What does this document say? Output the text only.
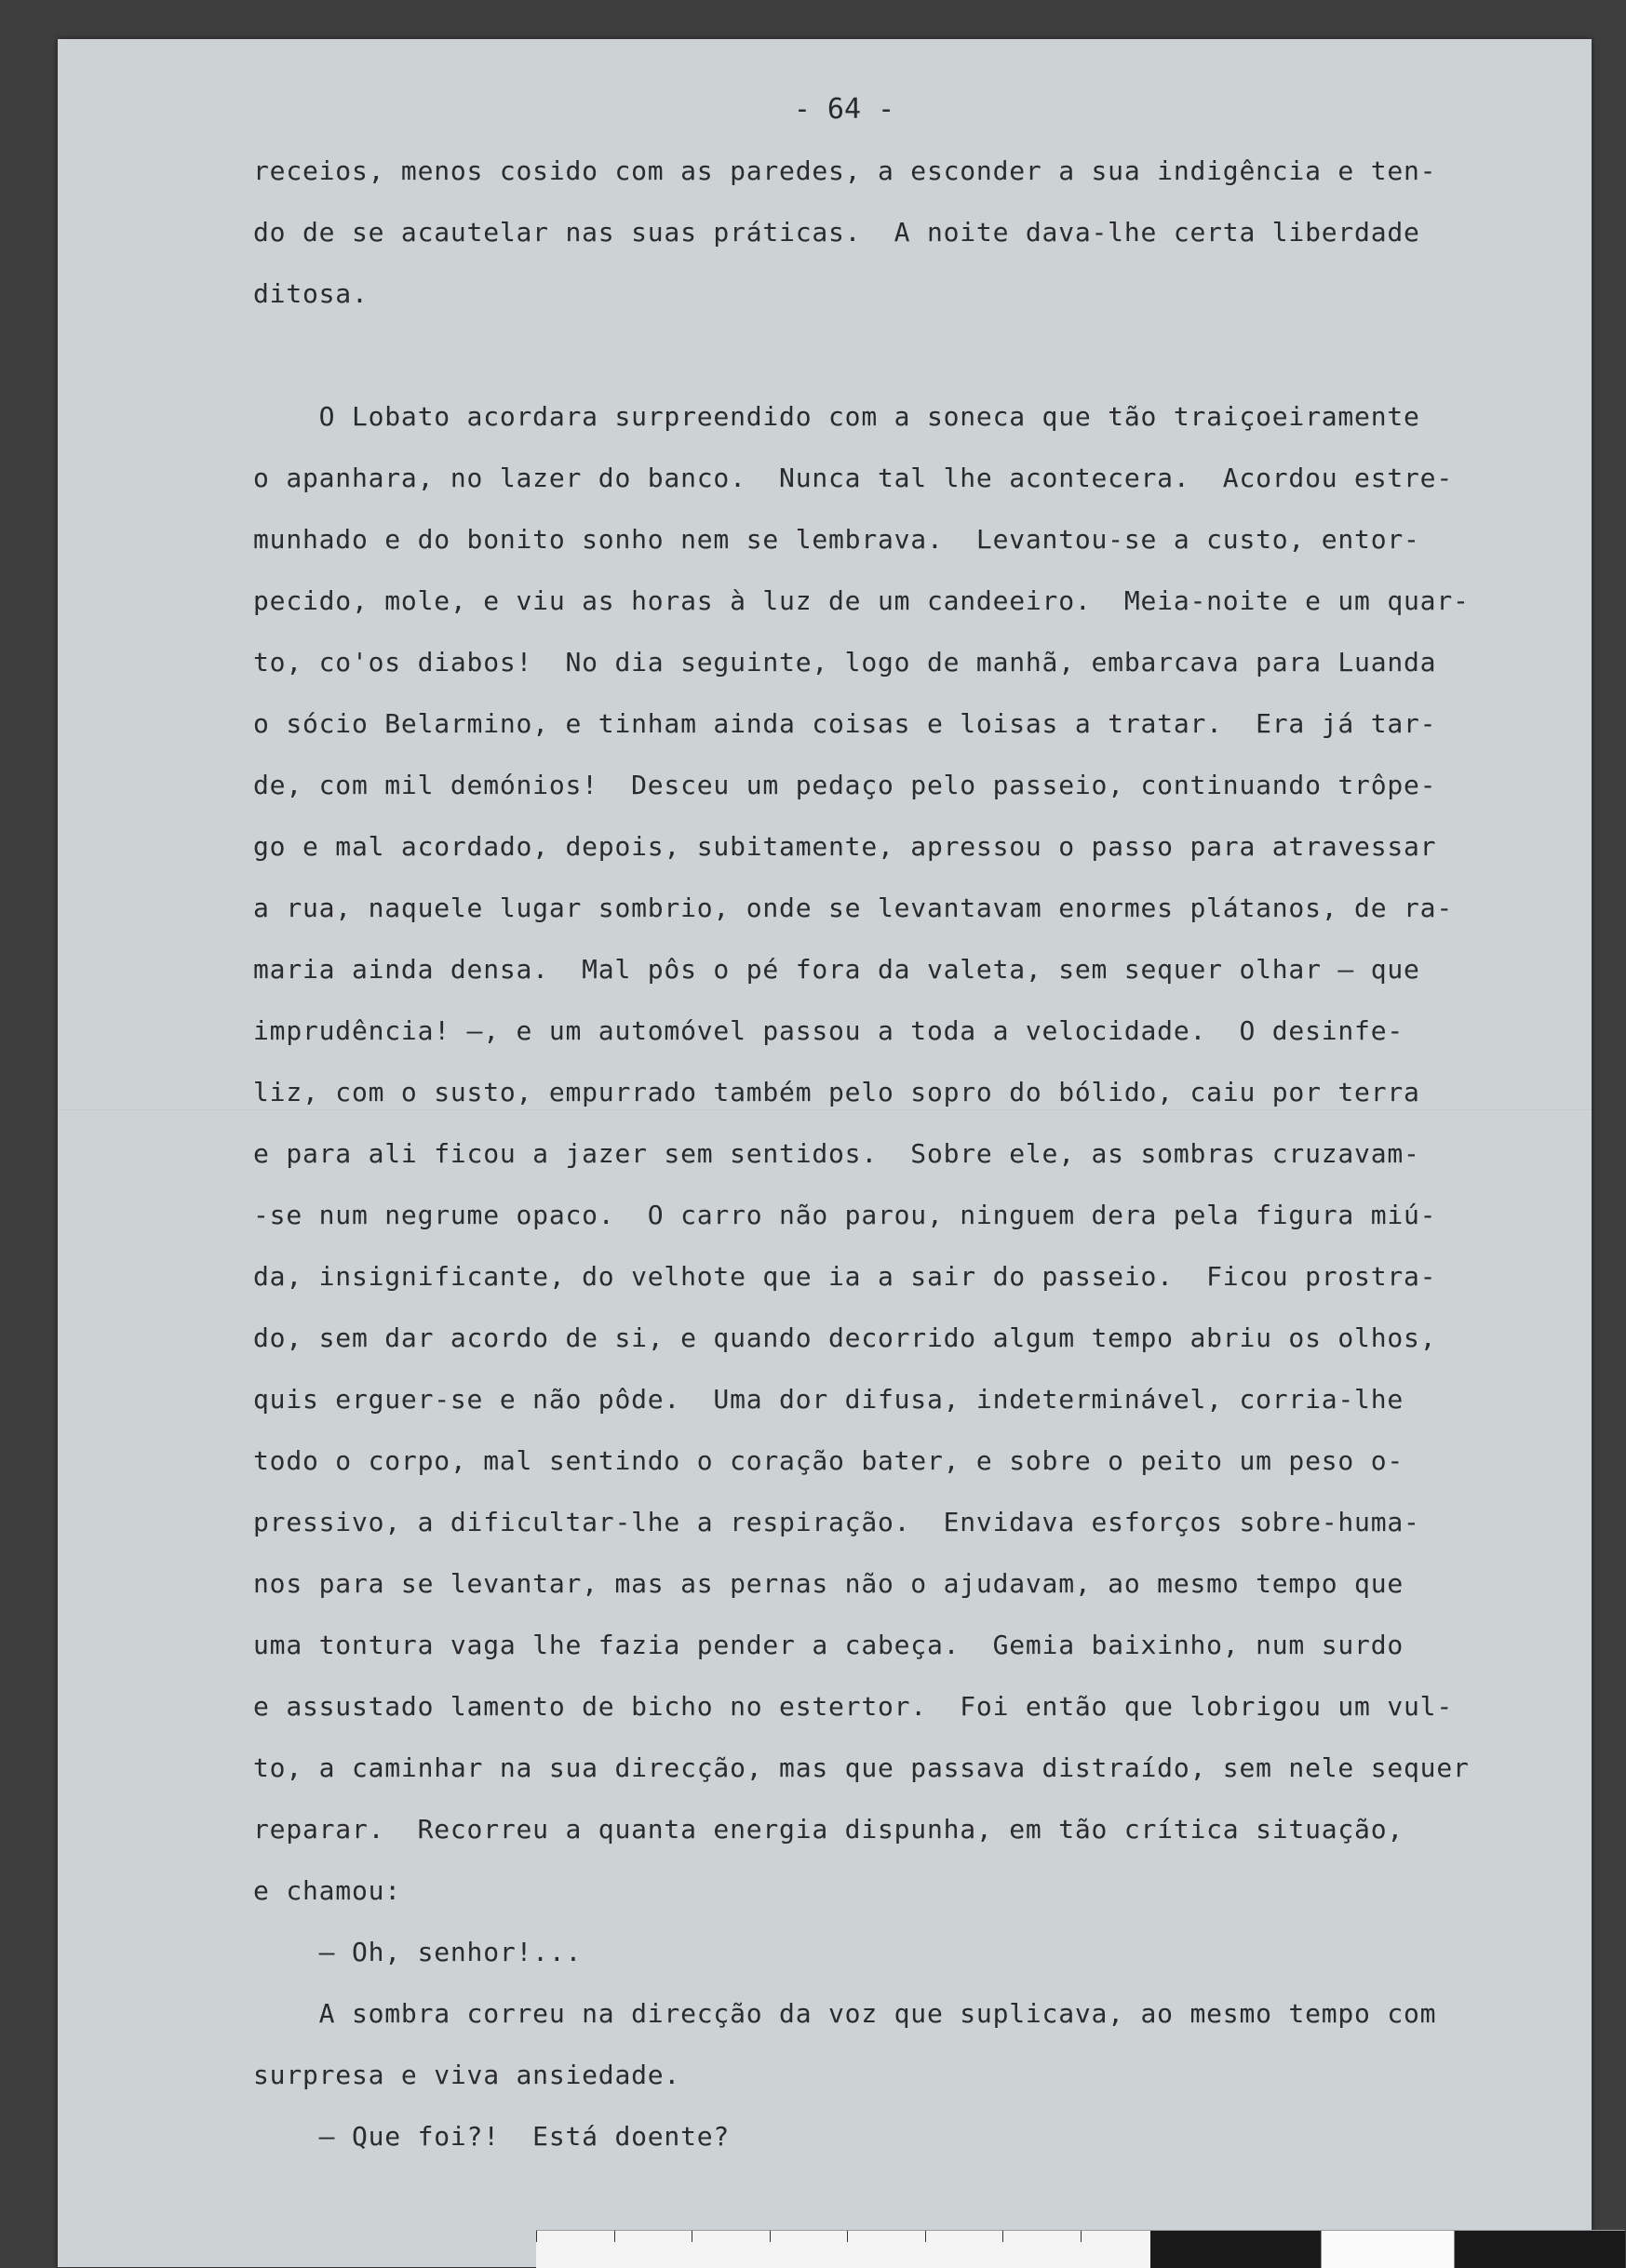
- 64 -
receios, menos cosido com as paredes, a esconder a sua indigência e ten-
do de se acautelar nas suas práticas.  A noite dava-lhe certa liberdade
ditosa.
O Lobato acordara surpreendido com a soneca que tão traiçoeiramente
o apanhara, no lazer do banco.  Nunca tal lhe acontecera.  Acordou estre-
munhado e do bonito sonho nem se lembrava.  Levantou-se a custo, entor-
pecido, mole, e viu as horas à luz de um candeeiro.  Meia-noite e um quar-
to, co'os diabos!  No dia seguinte, logo de manhã, embarcava para Luanda
o sócio Belarmino, e tinham ainda coisas e loisas a tratar.  Era já tar-
de, com mil demónios!  Desceu um pedaço pelo passeio, continuando trôpe-
go e mal acordado, depois, subitamente, apressou o passo para atravessar
a rua, naquele lugar sombrio, onde se levantavam enormes plátanos, de ra-
maria ainda densa.  Mal pôs o pé fora da valeta, sem sequer olhar — que
imprudência! —, e um automóvel passou a toda a velocidade.  O desinfe-
liz, com o susto, empurrado também pelo sopro do bólido, caiu por terra
e para ali ficou a jazer sem sentidos.  Sobre ele, as sombras cruzavam-
-se num negrume opaco.  O carro não parou, ninguem dera pela figura miú-
da, insignificante, do velhote que ia a sair do passeio.  Ficou prostra-
do, sem dar acordo de si, e quando decorrido algum tempo abriu os olhos,
quis erguer-se e não pôde.  Uma dor difusa, indeterminável, corria-lhe
todo o corpo, mal sentindo o coração bater, e sobre o peito um peso o-
pressivo, a dificultar-lhe a respiração.  Envidava esforços sobre-huma-
nos para se levantar, mas as pernas não o ajudavam, ao mesmo tempo que
uma tontura vaga lhe fazia pender a cabeça.  Gemia baixinho, num surdo
e assustado lamento de bicho no estertor.  Foi então que lobrigou um vul-
to, a caminhar na sua direcção, mas que passava distraído, sem nele sequer
reparar.  Recorreu a quanta energia dispunha, em tão crítica situação,
e chamou:
— Oh, senhor!...
A sombra correu na direcção da voz que suplicava, ao mesmo tempo com
surpresa e viva ansiedade.
— Que foi?!  Está doente?
